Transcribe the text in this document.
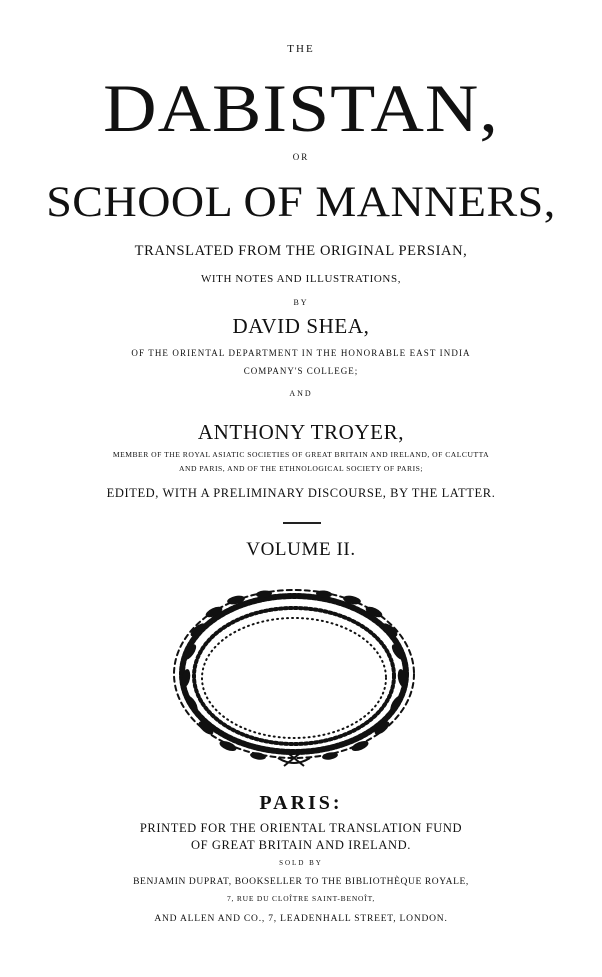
THE
DABISTAN,
OR
SCHOOL OF MANNERS,
TRANSLATED FROM THE ORIGINAL PERSIAN,
WITH NOTES AND ILLUSTRATIONS,
BY
DAVID SHEA,
OF THE ORIENTAL DEPARTMENT IN THE HONORABLE EAST INDIA
COMPANY'S COLLEGE;
AND
ANTHONY TROYER,
MEMBER OF THE ROYAL ASIATIC SOCIETIES OF GREAT BRITAIN AND IRELAND, OF CALCUTTA
AND PARIS, AND OF THE ETHNOLOGICAL SOCIETY OF PARIS;
EDITED, WITH A PRELIMINARY DISCOURSE, BY THE LATTER.
VOLUME II.
PARIS:
PRINTED FOR THE ORIENTAL TRANSLATION FUND
OF GREAT BRITAIN AND IRELAND.
SOLD BY
BENJAMIN DUPRAT, BOOKSELLER TO THE BIBLIOTHÈQUE ROYALE,
7, RUE DU CLOÎTRE SAINT-BENOÎT,
AND ALLEN AND CO., 7, LEADENHALL STREET, LONDON.
